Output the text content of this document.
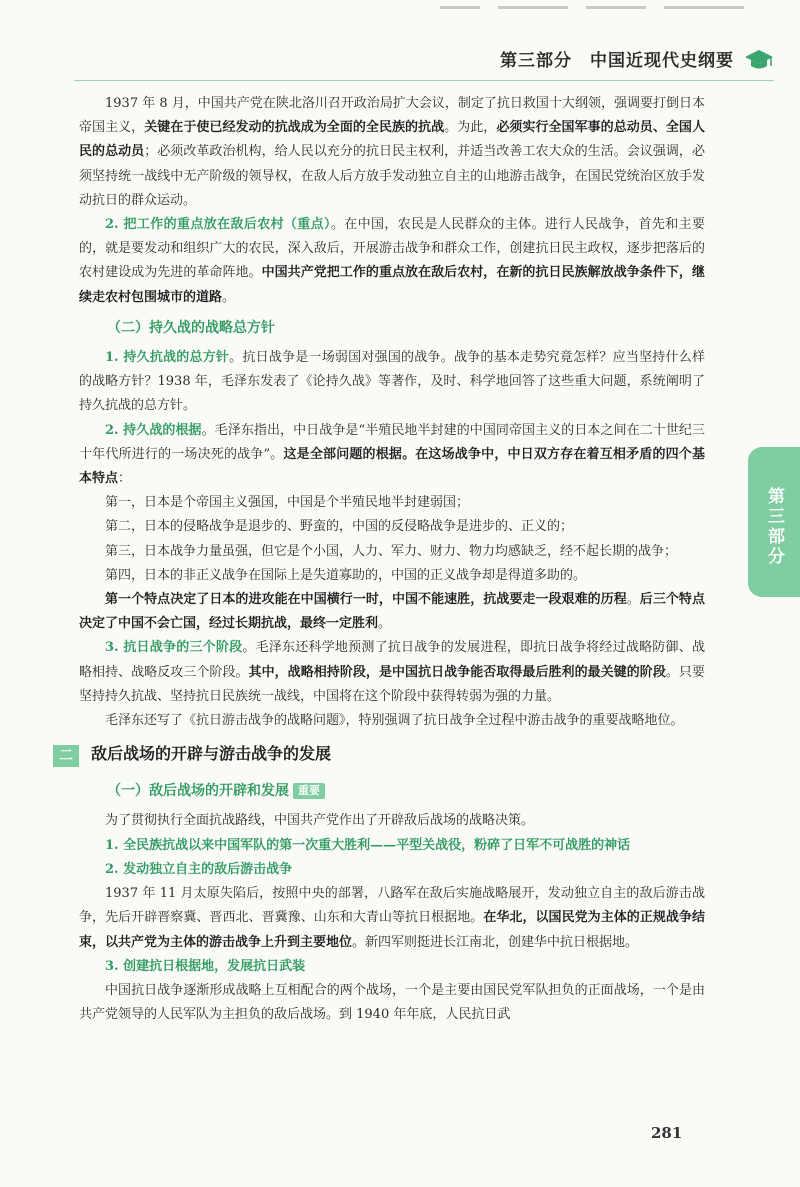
第三部分　中国近现代史纲要
第三部分

1937 年 8 月，中国共产党在陕北洛川召开政治局扩大会议，制定了抗日救国十大纲领，强调要打倒日本帝国主义，关键在于使已经发动的抗战成为全面的全民族的抗战。为此，必须实行全国军事的总动员、全国人民的总动员；必须改革政治机构，给人民以充分的抗日民主权利，并适当改善工农大众的生活。会议强调，必须坚持统一战线中无产阶级的领导权，在敌人后方放手发动独立自主的山地游击战争，在国民党统治区放手发动抗日的群众运动。

2. 把工作的重点放在敌后农村（重点）。在中国，农民是人民群众的主体。进行人民战争，首先和主要的，就是要发动和组织广大的农民，深入敌后，开展游击战争和群众工作，创建抗日民主政权，逐步把落后的农村建设成为先进的革命阵地。中国共产党把工作的重点放在敌后农村，在新的抗日民族解放战争条件下，继续走农村包围城市的道路。

（二）持久战的战略总方针

1. 持久抗战的总方针。抗日战争是一场弱国对强国的战争。战争的基本走势究竟怎样？应当坚持什么样的战略方针？1938 年，毛泽东发表了《论持久战》等著作，及时、科学地回答了这些重大问题，系统阐明了持久抗战的总方针。

2. 持久战的根据。毛泽东指出，中日战争是“半殖民地半封建的中国同帝国主义的日本之间在二十世纪三十年代所进行的一场决死的战争”。这是全部问题的根据。在这场战争中，中日双方存在着互相矛盾的四个基本特点：

第一，日本是个帝国主义强国，中国是个半殖民地半封建弱国；

第二，日本的侵略战争是退步的、野蛮的，中国的反侵略战争是进步的、正义的；

第三，日本战争力量虽强，但它是个小国，人力、军力、财力、物力均感缺乏，经不起长期的战争；

第四，日本的非正义战争在国际上是失道寡助的，中国的正义战争却是得道多助的。

第一个特点决定了日本的进攻能在中国横行一时，中国不能速胜，抗战要走一段艰难的历程。后三个特点决定了中国不会亡国，经过长期抗战，最终一定胜利。

3. 抗日战争的三个阶段。毛泽东还科学地预测了抗日战争的发展进程，即抗日战争将经过战略防御、战略相持、战略反攻三个阶段。其中，战略相持阶段，是中国抗日战争能否取得最后胜利的最关键的阶段。只要坚持持久抗战、坚持抗日民族统一战线，中国将在这个阶段中获得转弱为强的力量。

毛泽东还写了《抗日游击战争的战略问题》，特别强调了抗日战争全过程中游击战争的重要战略地位。

二	敌后战场的开辟与游击战争的发展

（一）敌后战场的开辟和发展 重要

为了贯彻执行全面抗战路线，中国共产党作出了开辟敌后战场的战略决策。

1. 全民族抗战以来中国军队的第一次重大胜利——平型关战役，粉碎了日军不可战胜的神话

2. 发动独立自主的敌后游击战争

1937 年 11 月太原失陷后，按照中央的部署，八路军在敌后实施战略展开，发动独立自主的敌后游击战争，先后开辟晋察冀、晋西北、晋冀豫、山东和大青山等抗日根据地。在华北，以国民党为主体的正规战争结束，以共产党为主体的游击战争上升到主要地位。新四军则挺进长江南北，创建华中抗日根据地。

3. 创建抗日根据地，发展抗日武装

中国抗日战争逐渐形成战略上互相配合的两个战场，一个是主要由国民党军队担负的正面战场，一个是由共产党领导的人民军队为主担负的敌后战场。到 1940 年年底，人民抗日武

281
